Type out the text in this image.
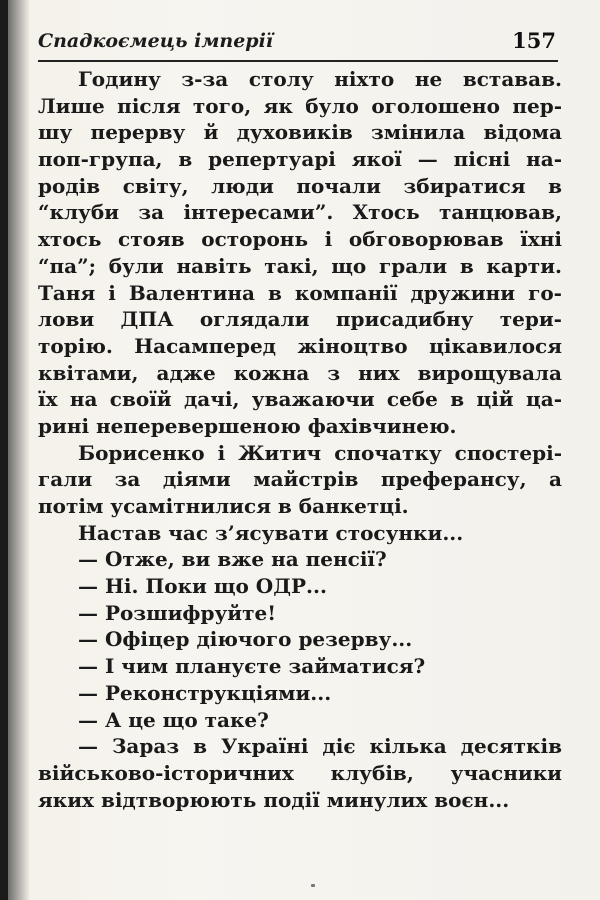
Спадкоємець імперії	157
Годину з-за столу ніхто не вставав.
Лише після того, як було оголошено пер-
шу перерву й духовиків змінила відома
поп-група, в репертуарі якої — пісні на-
родів світу, люди почали збиратися в
“клуби за інтересами”. Хтось танцював,
хтось стояв осторонь і обговорював їхні
“па”; були навіть такі, що грали в карти.
Таня і Валентина в компанії дружини го-
лови ДПА оглядали присадибну тери-
торію. Насамперед жіноцтво цікавилося
квітами, адже кожна з них вирощувала
їх на своїй дачі, уважаючи себе в цій ца-
рині неперевершеною фахівчинею.
Борисенко і Житич спочатку спостері-
гали за діями майстрів преферансу, а
потім усамітнилися в банкетці.
Настав час з’ясувати стосунки...
— Отже, ви вже на пенсії?
— Ні. Поки що ОДР...
— Розшифруйте!
— Офіцер діючого резерву...
— І чим плануєте займатися?
— Реконструкціями...
— А це що таке?
— Зараз в Україні діє кілька десятків
військово-історичних клубів, учасники
яких відтворюють події минулих воєн...
